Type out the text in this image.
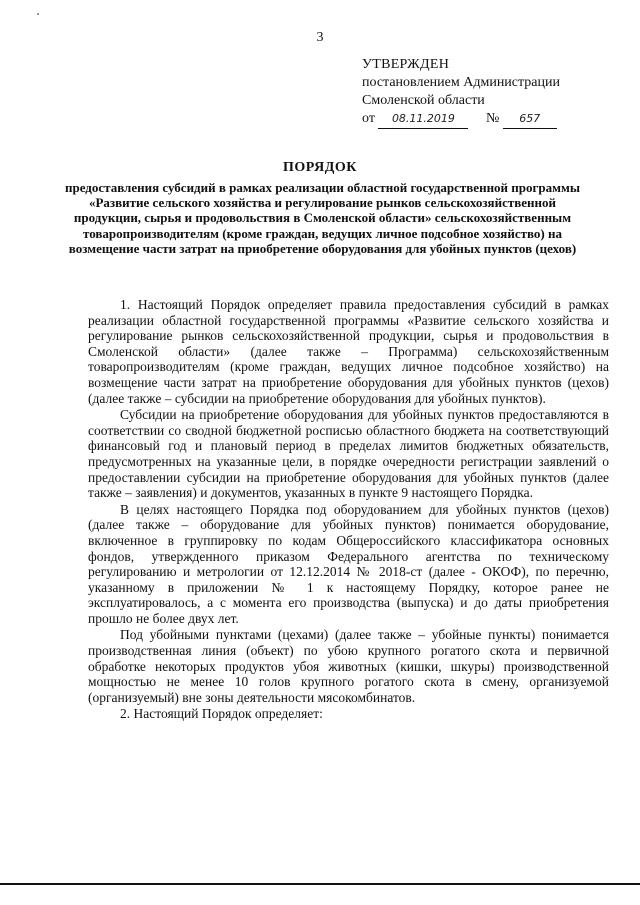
3
УТВЕРЖДЕН
постановлением Администрации
Смоленской области
от 08.11.2019 № 657
ПОРЯДОК
предоставления субсидий в рамках реализации областной государственной программы «Развитие сельского хозяйства и регулирование рынков сельскохозяйственной продукции, сырья и продовольствия в Смоленской области» сельскохозяйственным товаропроизводителям (кроме граждан, ведущих личное подсобное хозяйство) на возмещение части затрат на приобретение оборудования для убойных пунктов (цехов)

1. Настоящий Порядок определяет правила предоставления субсидий в рамках реализации областной государственной программы «Развитие сельского хозяйства и регулирование рынков сельскохозяйственной продукции, сырья и продовольствия в Смоленской области» (далее также – Программа) сельскохозяйственным товаропроизводителям (кроме граждан, ведущих личное подсобное хозяйство) на возмещение части затрат на приобретение оборудования для убойных пунктов (цехов) (далее также – субсидии на приобретение оборудования для убойных пунктов).

Субсидии на приобретение оборудования для убойных пунктов предоставляются в соответствии со сводной бюджетной росписью областного бюджета на соответствующий финансовый год и плановый период в пределах лимитов бюджетных обязательств, предусмотренных на указанные цели, в порядке очередности регистрации заявлений о предоставлении субсидии на приобретение оборудования для убойных пунктов (далее также – заявления) и документов, указанных в пункте 9 настоящего Порядка.

В целях настоящего Порядка под оборудованием для убойных пунктов (цехов) (далее также – оборудование для убойных пунктов) понимается оборудование, включенное в группировку по кодам Общероссийского классификатора основных фондов, утвержденного приказом Федерального агентства по техническому регулированию и метрологии от 12.12.2014 № 2018-ст (далее - ОКОФ), по перечню, указанному в приложении № 1 к настоящему Порядку, которое ранее не эксплуатировалось, а с момента его производства (выпуска) и до даты приобретения прошло не более двух лет.

Под убойными пунктами (цехами) (далее также – убойные пункты) понимается производственная линия (объект) по убою крупного рогатого скота и первичной обработке некоторых продуктов убоя животных (кишки, шкуры) производственной мощностью не менее 10 голов крупного рогатого скота в смену, организуемой (организуемый) вне зоны деятельности мясокомбинатов.

2. Настоящий Порядок определяет:
